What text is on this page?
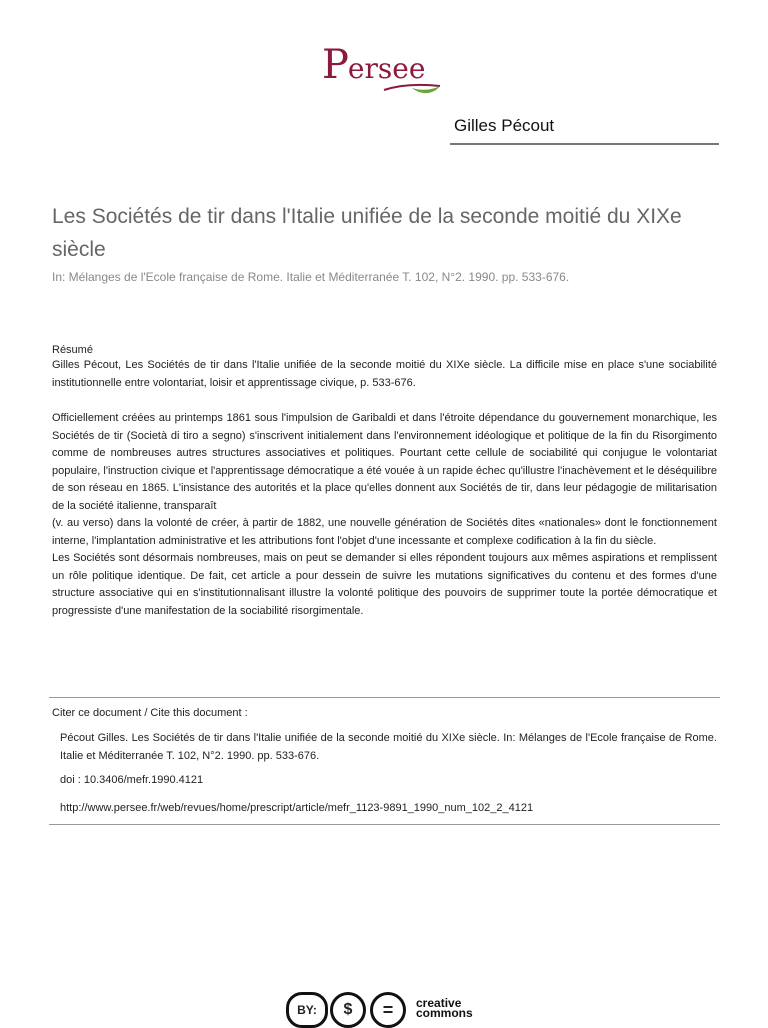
Persee
Gilles Pécout
Les Sociétés de tir dans l'Italie unifiée de la seconde moitié du XIXe siècle
In: Mélanges de l'Ecole française de Rome. Italie et Méditerranée T. 102, N°2. 1990. pp. 533-676.
Résumé

Gilles Pécout, Les Sociétés de tir dans l'Italie unifiée de la seconde moitié du XIXe siècle. La difficile mise en place s'une sociabilité institutionnelle entre volontariat, loisir et apprentissage civique, p. 533-676.

Officiellement créées au printemps 1861 sous l'impulsion de Garibaldi et dans l'étroite dépendance du gouvernement monarchique, les Sociétés de tir (Società di tiro a segno) s'inscrivent initialement dans l'environnement idéologique et politique de la fin du Risorgimento comme de nombreuses autres structures associatives et politiques. Pourtant cette cellule de sociabilité qui conjugue le volontariat populaire, l'instruction civique et l'apprentissage démocratique a été vouée à un rapide échec qu'illustre l'inachèvement et le déséquilibre de son réseau en 1865. L'insistance des autorités et la place qu'elles donnent aux Sociétés de tir, dans leur pédagogie de militarisation de la société italienne, transparaît

(v. au verso) dans la volonté de créer, à partir de 1882, une nouvelle génération de Sociétés dites «nationales» dont le fonctionnement interne, l'implantation administrative et les attributions font l'objet d'une incessante et complexe codification à la fin du siècle.

Les Sociétés sont désormais nombreuses, mais on peut se demander si elles répondent toujours aux mêmes aspirations et remplissent un rôle politique identique. De fait, cet article a pour dessein de suivre les mutations significatives du contenu et des formes d'une structure associative qui en s'institutionnalisant illustre la volonté politique des pouvoirs de supprimer toute la portée démocratique et progressiste d'une manifestation de la sociabilité risorgimentale.

Citer ce document / Cite this document :
Pécout Gilles. Les Sociétés de tir dans l'Italie unifiée de la seconde moitié du XIXe siècle. In: Mélanges de l'Ecole française de Rome. Italie et Méditerranée T. 102, N°2. 1990. pp. 533-676.
doi : 10.3406/mefr.1990.4121
http://www.persee.fr/web/revues/home/prescript/article/mefr_1123-9891_1990_num_102_2_4121
BY:	$	=	creative
commons
